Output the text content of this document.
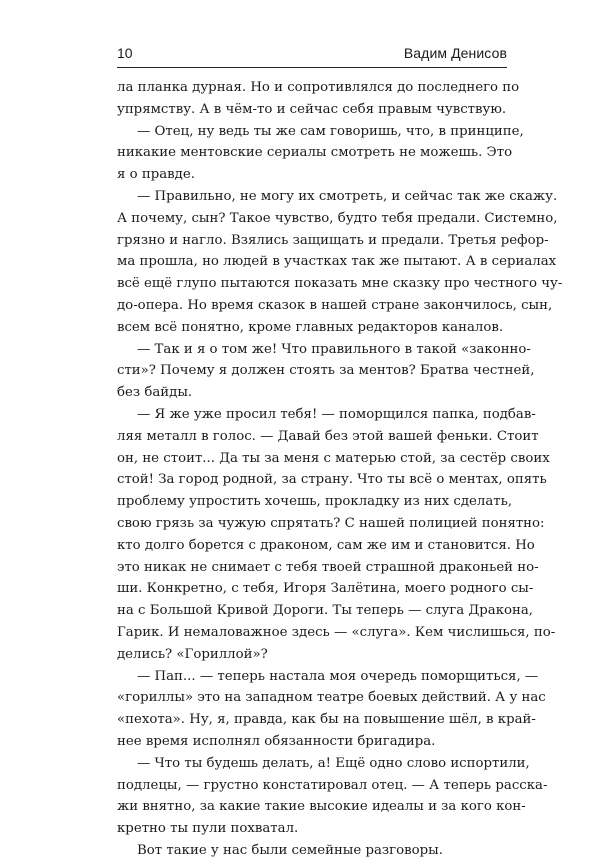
10	Вадим Денисов
ла планка дурная. Но и сопротивлялся до последнего по
упрямству. А в чём-то и сейчас себя правым чувствую.
— Отец, ну ведь ты же сам говоришь, что, в принципе,
никакие ментовские сериалы смотреть не можешь. Это
я о правде.
— Правильно, не могу их смотреть, и сейчас так же скажу.
А почему, сын? Такое чувство, будто тебя предали. Системно,
грязно и нагло. Взялись защищать и предали. Третья рефор-
ма прошла, но людей в участках так же пытают. А в сериалах
всё ещё глупо пытаются показать мне сказку про честного чу-
до-опера. Но время сказок в нашей стране закончилось, сын,
всем всё понятно, кроме главных редакторов каналов.
— Так и я о том же! Что правильного в такой «законно-
сти»? Почему я должен стоять за ментов? Братва честней,
без байды.
— Я же уже просил тебя! — поморщился папка, подбав-
ляя металл в голос. — Давай без этой вашей феньки. Стоит
он, не стоит... Да ты за меня с матерью стой, за сестёр своих
стой! За город родной, за страну. Что ты всё о ментах, опять
проблему упростить хочешь, прокладку из них сделать,
свою грязь за чужую спрятать? С нашей полицией понятно:
кто долго борется с драконом, сам же им и становится. Но
это никак не снимает с тебя твоей страшной драконьей но-
ши. Конкретно, с тебя, Игоря Залётина, моего родного сы-
на с Большой Кривой Дороги. Ты теперь — слуга Дракона,
Гарик. И немаловажное здесь — «слуга». Кем числишься, по-
делись? «Гориллой»?
— Пап... — теперь настала моя очередь поморщиться, —
«гориллы» это на западном театре боевых действий. А у нас
«пехота». Ну, я, правда, как бы на повышение шёл, в край-
нее время исполнял обязанности бригадира.
— Что ты будешь делать, а! Ещё одно слово испортили,
подлецы, — грустно констатировал отец. — А теперь расска-
жи внятно, за какие такие высокие идеалы и за кого кон-
кретно ты пули похватал.
Вот такие у нас были семейные разговоры.
